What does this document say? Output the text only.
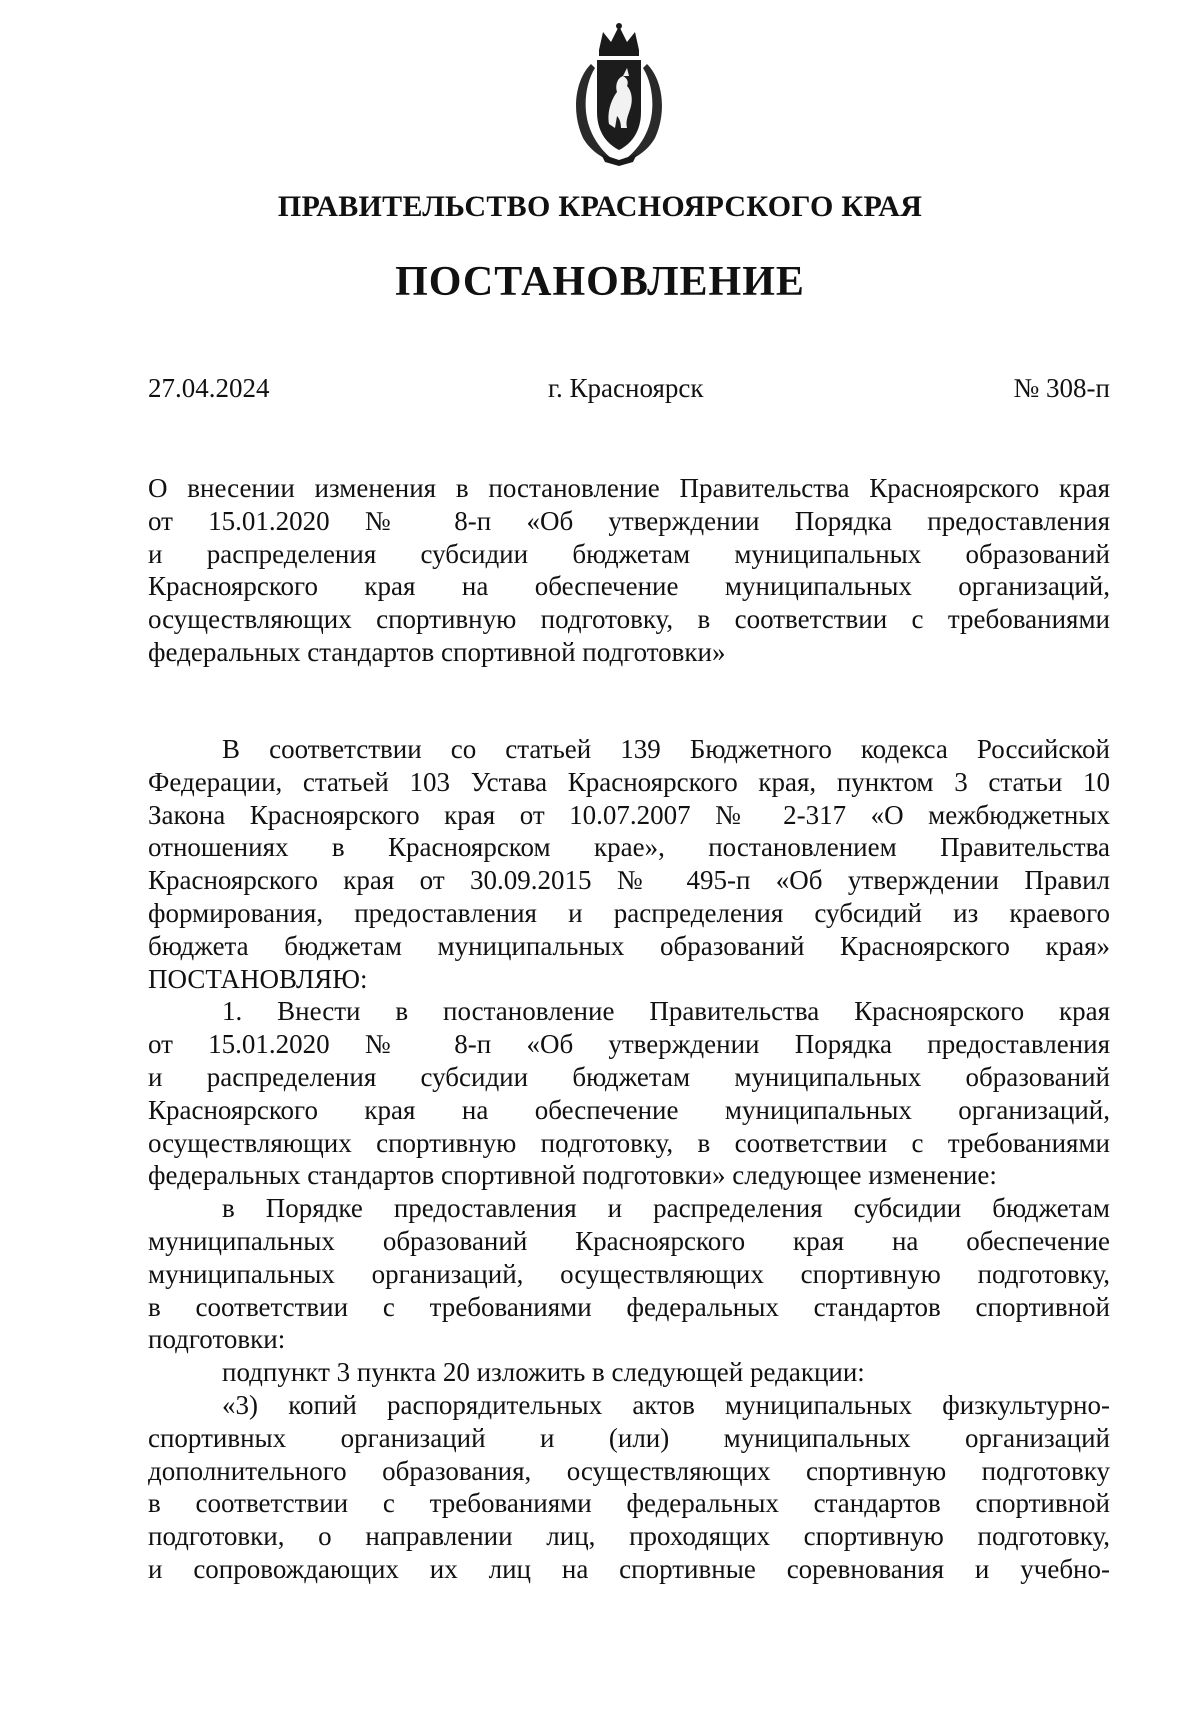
ПРАВИТЕЛЬСТВО КРАСНОЯРСКОГО КРАЯ
ПОСТАНОВЛЕНИЕ
27.04.2024	г. Красноярск	№ 308-п
О внесении изменения в постановление Правительства Красноярского края
от 15.01.2020 № 8-п «Об утверждении Порядка предоставления
и распределения субсидии бюджетам муниципальных образований
Красноярского края на обеспечение муниципальных организаций,
осуществляющих спортивную подготовку, в соответствии с требованиями
федеральных стандартов спортивной подготовки»
В соответствии со статьей 139 Бюджетного кодекса Российской
Федерации, статьей 103 Устава Красноярского края, пунктом 3 статьи 10
Закона Красноярского края от 10.07.2007 № 2-317 «О межбюджетных
отношениях в Красноярском крае», постановлением Правительства
Красноярского края от 30.09.2015 № 495-п «Об утверждении Правил
формирования, предоставления и распределения субсидий из краевого
бюджета бюджетам муниципальных образований Красноярского края»
ПОСТАНОВЛЯЮ:
1. Внести в постановление Правительства Красноярского края
от 15.01.2020 № 8-п «Об утверждении Порядка предоставления
и распределения субсидии бюджетам муниципальных образований
Красноярского края на обеспечение муниципальных организаций,
осуществляющих спортивную подготовку, в соответствии с требованиями
федеральных стандартов спортивной подготовки» следующее изменение:
в Порядке предоставления и распределения субсидии бюджетам
муниципальных образований Красноярского края на обеспечение
муниципальных организаций, осуществляющих спортивную подготовку,
в соответствии с требованиями федеральных стандартов спортивной
подготовки:
подпункт 3 пункта 20 изложить в следующей редакции:
«3) копий распорядительных актов муниципальных физкультурно-
спортивных организаций и (или) муниципальных организаций
дополнительного образования, осуществляющих спортивную подготовку
в соответствии с требованиями федеральных стандартов спортивной
подготовки, о направлении лиц, проходящих спортивную подготовку,
и сопровождающих их лиц на спортивные соревнования и учебно-
